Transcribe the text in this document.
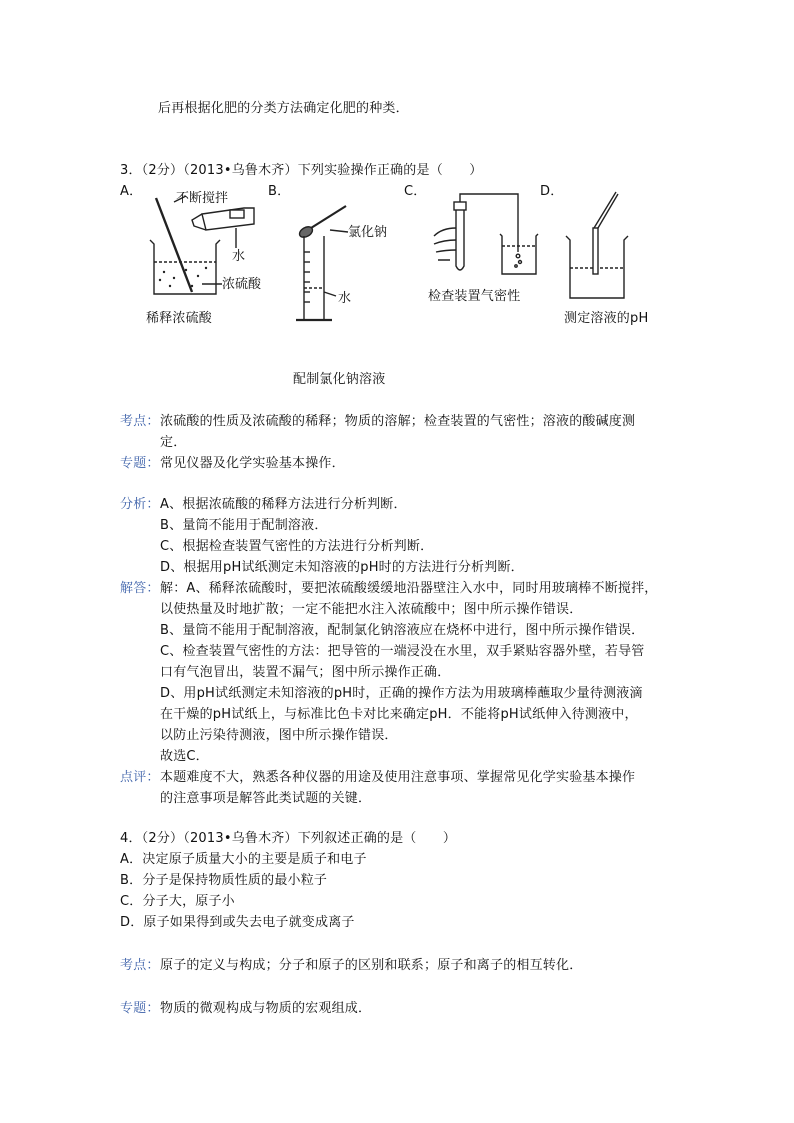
后再根据化肥的分类方法确定化肥的种类．
3．（2分）（2013•乌鲁木齐）下列实验操作正确的是（　　）
A．	B．	C．	D．
不断搅拌
水
浓硫酸
稀释浓硫酸
氯化钠
水
配制氯化钠溶液
检查装置气密性
测定溶液的pH
考点： 浓硫酸的性质及浓硫酸的稀释；物质的溶解；检查装置的气密性；溶液的酸碱度测
定．
专题： 常见仪器及化学实验基本操作．
分析： A、根据浓硫酸的稀释方法进行分析判断．
B、量筒不能用于配制溶液．
C、根据检查装置气密性的方法进行分析判断．
D、根据用pH试纸测定未知溶液的pH时的方法进行分析判断．
解答： 解：A、稀释浓硫酸时，要把浓硫酸缓缓地沿器壁注入水中，同时用玻璃棒不断搅拌，
以使热量及时地扩散；一定不能把水注入浓硫酸中；图中所示操作错误．
B、量筒不能用于配制溶液，配制氯化钠溶液应在烧杯中进行，图中所示操作错误．
C、检查装置气密性的方法：把导管的一端浸没在水里，双手紧贴容器外壁，若导管
口有气泡冒出，装置不漏气；图中所示操作正确．
D、用pH试纸测定未知溶液的pH时，正确的操作方法为用玻璃棒蘸取少量待测液滴
在干燥的pH试纸上，与标准比色卡对比来确定pH．不能将pH试纸伸入待测液中，
以防止污染待测液，图中所示操作错误．
故选C．
点评： 本题难度不大，熟悉各种仪器的用途及使用注意事项、掌握常见化学实验基本操作
的注意事项是解答此类试题的关键．
4．（2分）（2013•乌鲁木齐）下列叙述正确的是（　　）
A．决定原子质量大小的主要是质子和电子
B．分子是保持物质性质的最小粒子
C．分子大，原子小
D．原子如果得到或失去电子就变成离子
考点： 原子的定义与构成；分子和原子的区别和联系；原子和离子的相互转化．
专题： 物质的微观构成与物质的宏观组成．
